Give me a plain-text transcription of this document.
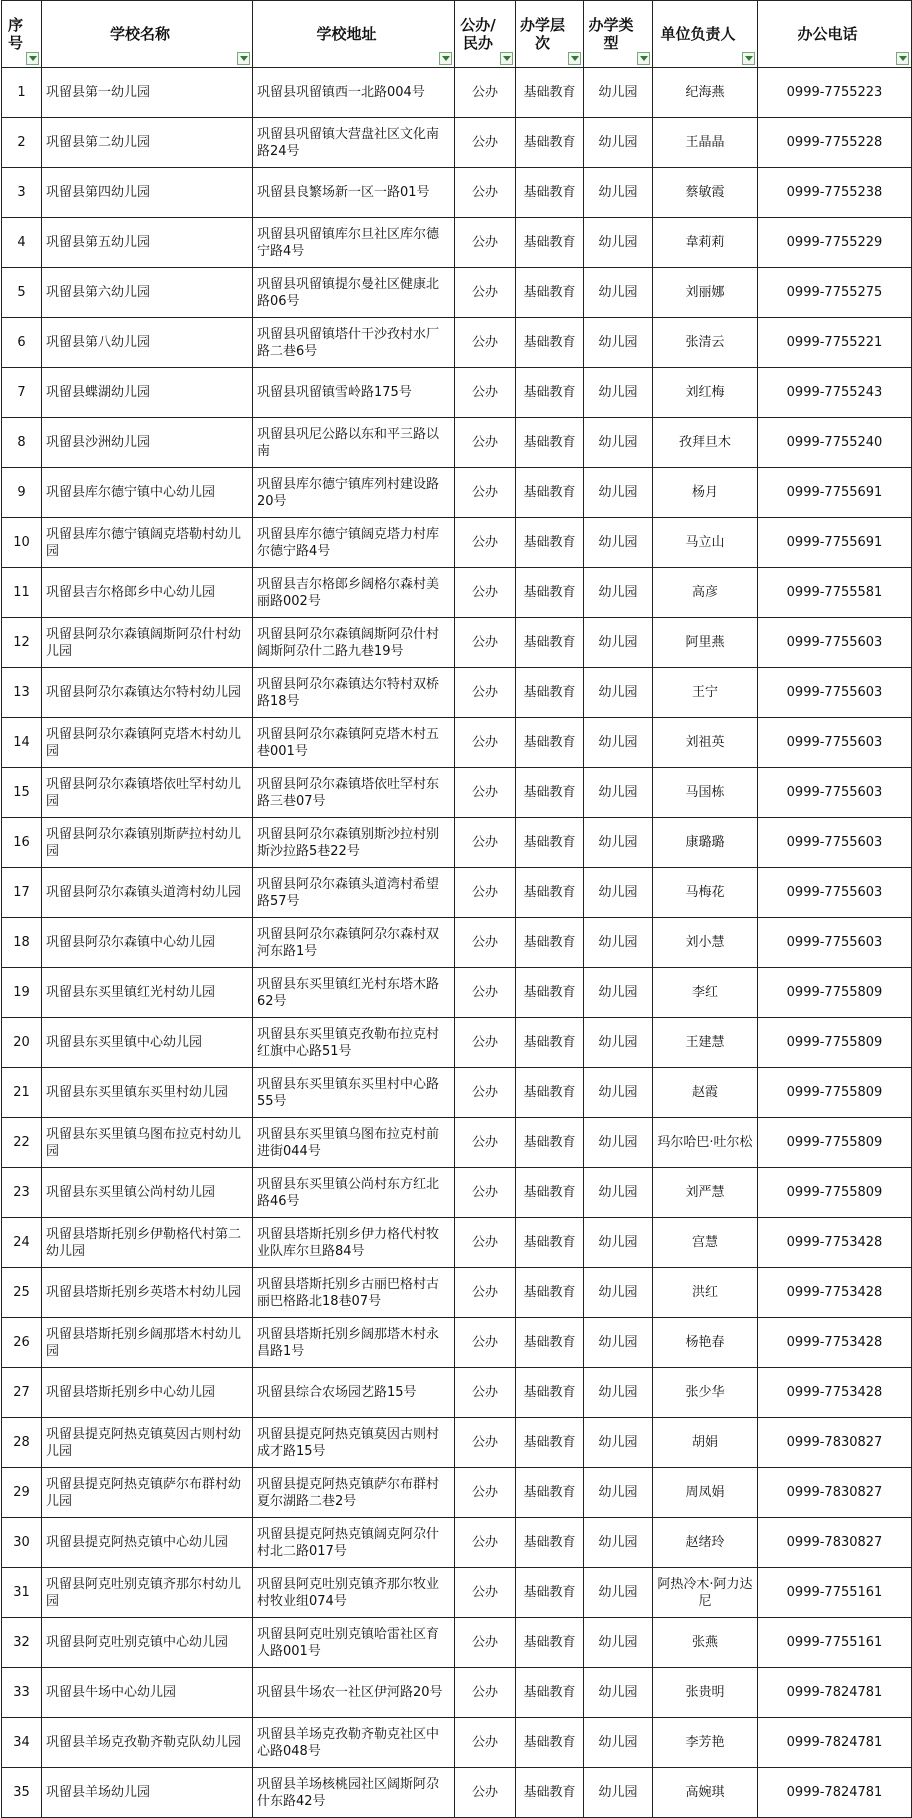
序号	学校名称	学校地址	公办/民办	办学层次	办学类型	单位负责人	办公电话

1	巩留县第一幼儿园	巩留县巩留镇西一北路004号	公办	基础教育	幼儿园	纪海燕	0999-7755223
2	巩留县第二幼儿园	巩留县巩留镇大营盘社区文化南路24号	公办	基础教育	幼儿园	王晶晶	0999-7755228
3	巩留县第四幼儿园	巩留县良繁场新一区一路01号	公办	基础教育	幼儿园	蔡敏霞	0999-7755238
4	巩留县第五幼儿园	巩留县巩留镇库尔旦社区库尔德宁路4号	公办	基础教育	幼儿园	韋莉莉	0999-7755229
5	巩留县第六幼儿园	巩留县巩留镇提尔曼社区健康北路06号	公办	基础教育	幼儿园	刘丽娜	0999-7755275
6	巩留县第八幼儿园	巩留县巩留镇塔什干沙孜村水厂路二巷6号	公办	基础教育	幼儿园	张清云	0999-7755221
7	巩留县蝶湖幼儿园	巩留县巩留镇雪岭路175号	公办	基础教育	幼儿园	刘红梅	0999-7755243
8	巩留县沙洲幼儿园	巩留县巩尼公路以东和平三路以南	公办	基础教育	幼儿园	孜拜旦木	0999-7755240
9	巩留县库尔德宁镇中心幼儿园	巩留县库尔德宁镇库列村建设路20号	公办	基础教育	幼儿园	杨月	0999-7755691
10	巩留县库尔德宁镇阔克塔勒村幼儿园	巩留县库尔德宁镇阔克塔力村库尔德宁路4号	公办	基础教育	幼儿园	马立山	0999-7755691
11	巩留县吉尔格郎乡中心幼儿园	巩留县吉尔格郎乡阔格尔森村美丽路002号	公办	基础教育	幼儿园	高彦	0999-7755581
12	巩留县阿尕尔森镇阔斯阿尕什村幼儿园	巩留县阿尕尔森镇阔斯阿尕什村阔斯阿尕什二路九巷19号	公办	基础教育	幼儿园	阿里燕	0999-7755603
13	巩留县阿尕尔森镇达尔特村幼儿园	巩留县阿尕尔森镇达尔特村双桥路18号	公办	基础教育	幼儿园	王宁	0999-7755603
14	巩留县阿尕尔森镇阿克塔木村幼儿园	巩留县阿尕尔森镇阿克塔木村五巷001号	公办	基础教育	幼儿园	刘祖英	0999-7755603
15	巩留县阿尕尔森镇塔依吐罕村幼儿园	巩留县阿尕尔森镇塔依吐罕村东路三巷07号	公办	基础教育	幼儿园	马国栋	0999-7755603
16	巩留县阿尕尔森镇别斯萨拉村幼儿园	巩留县阿尕尔森镇别斯沙拉村别斯沙拉路5巷22号	公办	基础教育	幼儿园	康璐璐	0999-7755603
17	巩留县阿尕尔森镇头道湾村幼儿园	巩留县阿尕尔森镇头道湾村希望路57号	公办	基础教育	幼儿园	马梅花	0999-7755603
18	巩留县阿尕尔森镇中心幼儿园	巩留县阿尕尔森镇阿尕尔森村双河东路1号	公办	基础教育	幼儿园	刘小慧	0999-7755603
19	巩留县东买里镇红光村幼儿园	巩留县东买里镇红光村东塔木路62号	公办	基础教育	幼儿园	李红	0999-7755809
20	巩留县东买里镇中心幼儿园	巩留县东买里镇克孜勒布拉克村红旗中心路51号	公办	基础教育	幼儿园	王建慧	0999-7755809
21	巩留县东买里镇东买里村幼儿园	巩留县东买里镇东买里村中心路55号	公办	基础教育	幼儿园	赵霞	0999-7755809
22	巩留县东买里镇乌图布拉克村幼儿园	巩留县东买里镇乌图布拉克村前进街044号	公办	基础教育	幼儿园	玛尔哈巴·吐尔松	0999-7755809
23	巩留县东买里镇公尚村幼儿园	巩留县东买里镇公尚村东方红北路46号	公办	基础教育	幼儿园	刘严慧	0999-7755809
24	巩留县塔斯托别乡伊勒格代村第二幼儿园	巩留县塔斯托别乡伊力格代村牧业队库尔旦路84号	公办	基础教育	幼儿园	宫慧	0999-7753428
25	巩留县塔斯托别乡英塔木村幼儿园	巩留县塔斯托别乡古丽巴格村古丽巴格路北18巷07号	公办	基础教育	幼儿园	洪红	0999-7753428
26	巩留县塔斯托别乡阔那塔木村幼儿园	巩留县塔斯托别乡阔那塔木村永昌路1号	公办	基础教育	幼儿园	杨艳春	0999-7753428
27	巩留县塔斯托别乡中心幼儿园	巩留县综合农场园艺路15号	公办	基础教育	幼儿园	张少华	0999-7753428
28	巩留县提克阿热克镇莫因古则村幼儿园	巩留县提克阿热克镇莫因古则村成才路15号	公办	基础教育	幼儿园	胡娟	0999-7830827
29	巩留县提克阿热克镇萨尔布群村幼儿园	巩留县提克阿热克镇萨尔布群村夏尔湖路二巷2号	公办	基础教育	幼儿园	周凤娟	0999-7830827
30	巩留县提克阿热克镇中心幼儿园	巩留县提克阿热克镇阔克阿尕什村北二路017号	公办	基础教育	幼儿园	赵绪玲	0999-7830827
31	巩留县阿克吐别克镇齐那尔村幼儿园	巩留县阿克吐别克镇齐那尔牧业村牧业组074号	公办	基础教育	幼儿园	阿热冷木·阿力达尼	0999-7755161
32	巩留县阿克吐别克镇中心幼儿园	巩留县阿克吐别克镇哈雷社区育人路001号	公办	基础教育	幼儿园	张燕	0999-7755161
33	巩留县牛场中心幼儿园	巩留县牛场农一社区伊河路20号	公办	基础教育	幼儿园	张贵明	0999-7824781
34	巩留县羊场克孜勒齐勒克队幼儿园	巩留县羊场克孜勒齐勒克社区中心路048号	公办	基础教育	幼儿园	李芳艳	0999-7824781
35	巩留县羊场幼儿园	巩留县羊场核桃园社区阔斯阿尕什东路42号	公办	基础教育	幼儿园	高婉琪	0999-7824781
